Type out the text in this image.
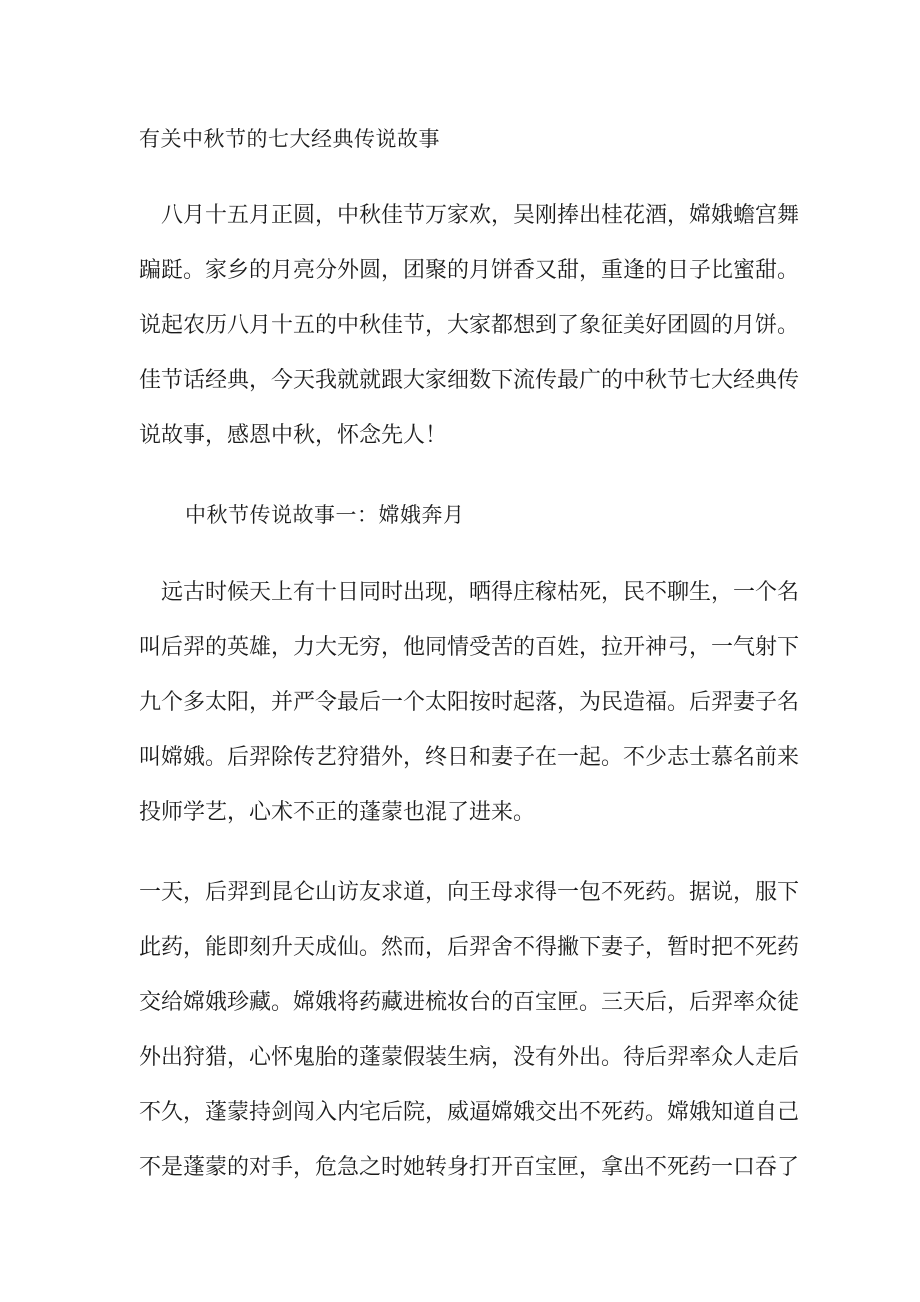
有关中秋节的七大经典传说故事

八月十五月正圆，中秋佳节万家欢，吴刚捧出桂花酒，嫦娥蟾宫舞蹁跹。家乡的月亮分外圆，团聚的月饼香又甜，重逢的日子比蜜甜。说起农历八月十五的中秋佳节，大家都想到了象征美好团圆的月饼。佳节话经典，今天我就就跟大家细数下流传最广的中秋节七大经典传说故事，感恩中秋，怀念先人！

中秋节传说故事一：嫦娥奔月

远古时候天上有十日同时出现，晒得庄稼枯死，民不聊生，一个名叫后羿的英雄，力大无穷，他同情受苦的百姓，拉开神弓，一气射下九个多太阳，并严令最后一个太阳按时起落，为民造福。后羿妻子名叫嫦娥。后羿除传艺狩猎外，终日和妻子在一起。不少志士慕名前来投师学艺，心术不正的蓬蒙也混了进来。

一天，后羿到昆仑山访友求道，向王母求得一包不死药。据说，服下此药，能即刻升天成仙。然而，后羿舍不得撇下妻子，暂时把不死药交给嫦娥珍藏。嫦娥将药藏进梳妆台的百宝匣。三天后，后羿率众徒外出狩猎，心怀鬼胎的蓬蒙假装生病，没有外出。待后羿率众人走后不久，蓬蒙持剑闯入内宅后院，威逼嫦娥交出不死药。嫦娥知道自己不是蓬蒙的对手，危急之时她转身打开百宝匣，拿出不死药一口吞了
